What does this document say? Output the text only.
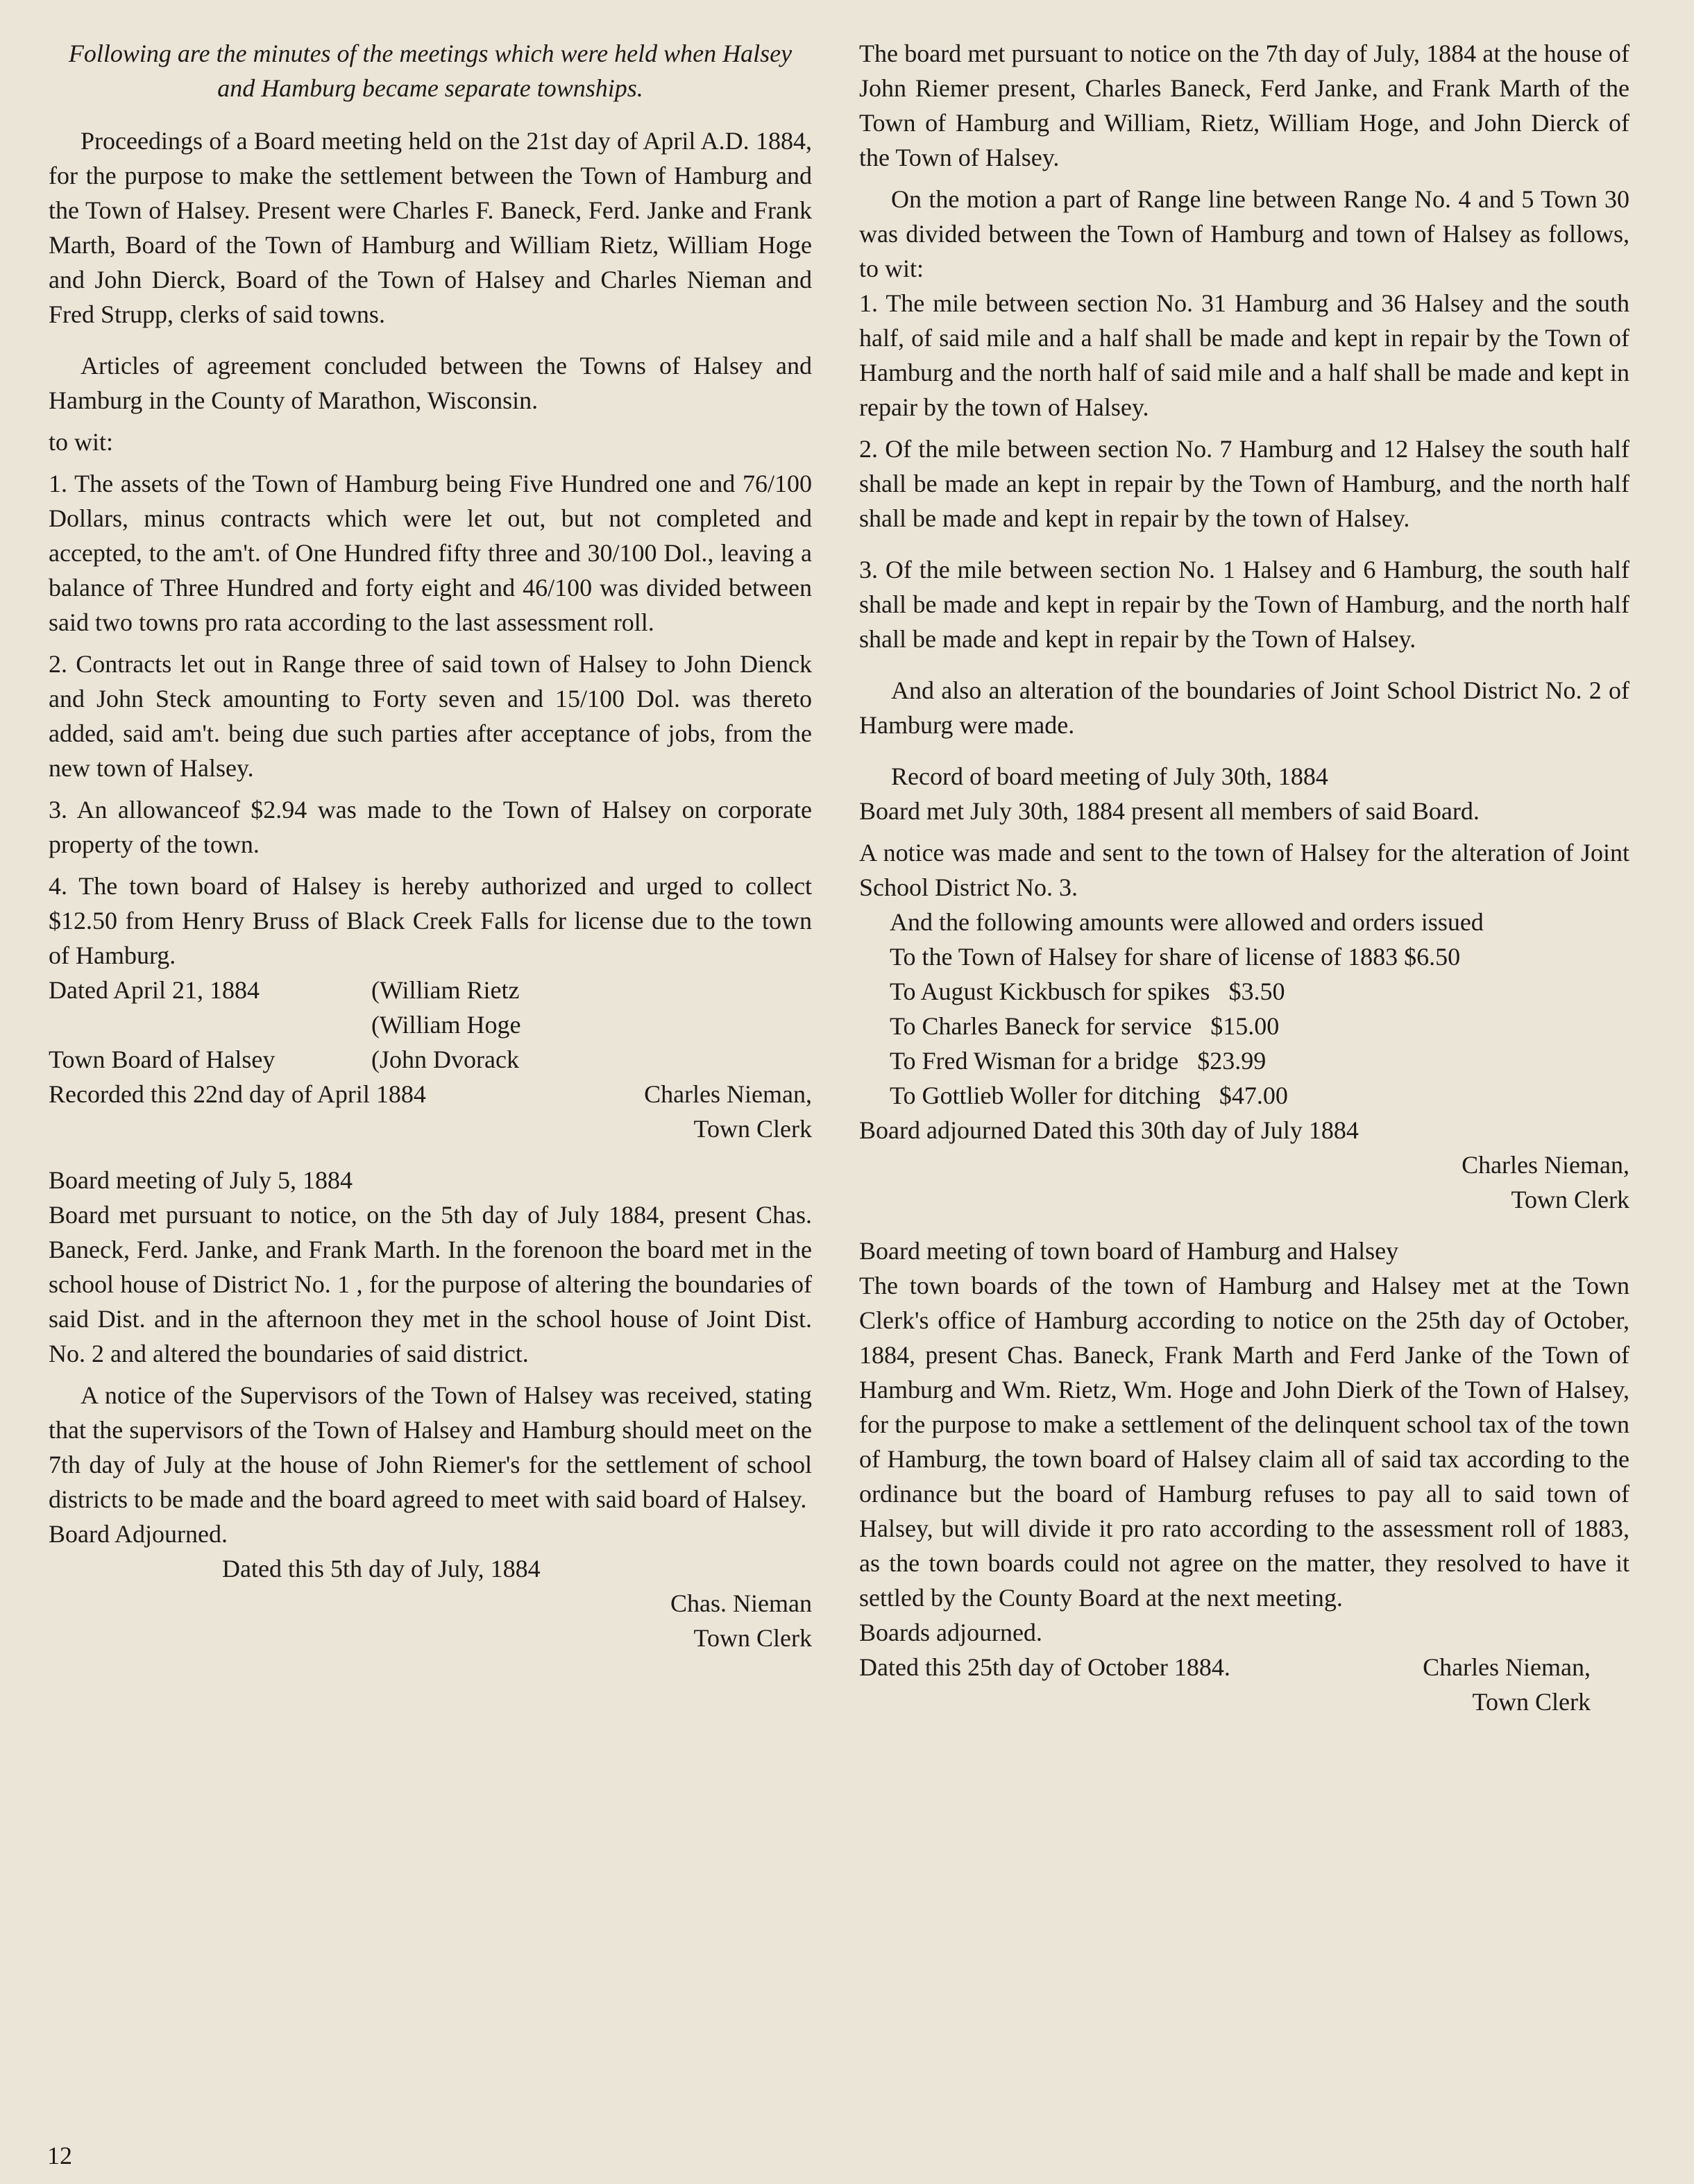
Following are the minutes of the meetings which were held when Halsey and Hamburg became separate townships.

Proceedings of a Board meeting held on the 21st day of April A.D. 1884, for the purpose to make the settlement between the Town of Hamburg and the Town of Halsey. Present were Charles F. Baneck, Ferd. Janke and Frank Marth, Board of the Town of Hamburg and William Rietz, William Hoge and John Dierck, Board of the Town of Halsey and Charles Nieman and Fred Strupp, clerks of said towns.

Articles of agreement concluded between the Towns of Halsey and Hamburg in the County of Marathon, Wisconsin.

to wit:

1. The assets of the Town of Hamburg being Five Hundred one and 76/100 Dollars, minus contracts which were let out, but not completed and accepted, to the am't. of One Hundred fifty three and 30/100 Dol., leaving a balance of Three Hundred and forty eight and 46/100 was divided between said two towns pro rata according to the last assessment roll.

2. Contracts let out in Range three of said town of Halsey to John Dienck and John Steck amounting to Forty seven and 15/100 Dol. was thereto added, said am't. being due such parties after acceptance of jobs, from the new town of Halsey.

3. An allowanceof $2.94 was made to the Town of Halsey on corporate property of the town.

4. The town board of Halsey is hereby authorized and urged to collect $12.50 from Henry Bruss of Black Creek Falls for license due to the town of Hamburg.

Dated April 21, 1884	(William Rietz
(William Hoge
Town Board of Halsey	(John Dvorack
Recorded this 22nd day of April 1884	Charles Nieman,

Town Clerk

Board meeting of July 5, 1884

Board met pursuant to notice, on the 5th day of July 1884, present Chas. Baneck, Ferd. Janke, and Frank Marth. In the forenoon the board met in the school house of District No. 1 , for the purpose of altering the boundaries of said Dist. and in the afternoon they met in the school house of Joint Dist. No. 2 and altered the boundaries of said district.

A notice of the Supervisors of the Town of Halsey was received, stating that the supervisors of the Town of Halsey and Hamburg should meet on the 7th day of July at the house of John Riemer's for the settlement of school districts to be made and the board agreed to meet with said board of Halsey.

Board Adjourned.

Dated this 5th day of July, 1884

Chas. Nieman

Town Clerk

The board met pursuant to notice on the 7th day of July, 1884 at the house of John Riemer present, Charles Baneck, Ferd Janke, and Frank Marth of the Town of Hamburg and William, Rietz, William Hoge, and John Dierck of the Town of Halsey.

On the motion a part of Range line between Range No. 4 and 5 Town 30 was divided between the Town of Hamburg and town of Halsey as follows, to wit:

1. The mile between section No. 31 Hamburg and 36 Halsey and the south half, of said mile and a half shall be made and kept in repair by the Town of Hamburg and the north half of said mile and a half shall be made and kept in repair by the town of Halsey.

2. Of the mile between section No. 7 Hamburg and 12 Halsey the south half shall be made an kept in repair by the Town of Hamburg, and the north half shall be made and kept in repair by the town of Halsey.

3. Of the mile between section No. 1 Halsey and 6 Hamburg, the south half shall be made and kept in repair by the Town of Hamburg, and the north half shall be made and kept in repair by the Town of Halsey.

And also an alteration of the boundaries of Joint School District No. 2 of Hamburg were made.

Record of board meeting of July 30th, 1884

Board met July 30th, 1884 present all members of said Board.

A notice was made and sent to the town of Halsey for the alteration of Joint School District No. 3.

And the following amounts were allowed and orders issued

To the Town of Halsey for share of license of 1883 $6.50

To August Kickbusch for spikes   $3.50

To Charles Baneck for service   $15.00

To Fred Wisman for a bridge   $23.99

To Gottlieb Woller for ditching   $47.00

Board adjourned Dated this 30th day of July 1884

Charles Nieman,

Town Clerk

Board meeting of town board of Hamburg and Halsey

The town boards of the town of Hamburg and Halsey met at the Town Clerk's office of Hamburg according to notice on the 25th day of October, 1884, present Chas. Baneck, Frank Marth and Ferd Janke of the Town of Hamburg and Wm. Rietz, Wm. Hoge and John Dierk of the Town of Halsey, for the purpose to make a settlement of the delinquent school tax of the town of Hamburg, the town board of Halsey claim all of said tax according to the ordinance but the board of Hamburg refuses to pay all to said town of Halsey, but will divide it pro rato according to the assessment roll of 1883, as the town boards could not agree on the matter, they resolved to have it settled by the County Board at the next meeting.

Boards adjourned.

Dated this 25th day of October 1884.	Charles Nieman,

Town Clerk

12
